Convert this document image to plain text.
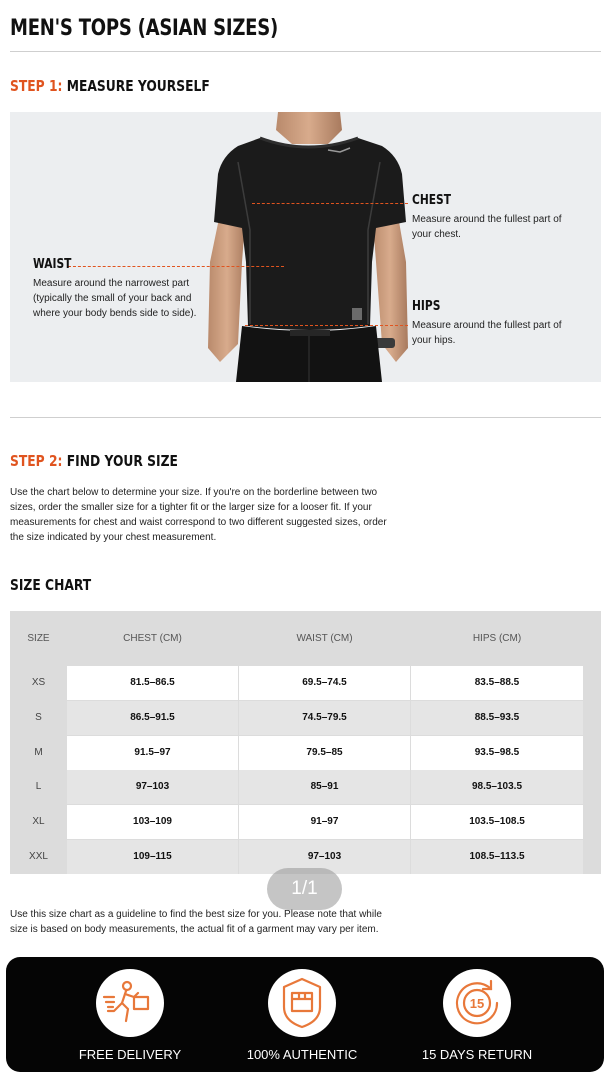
MEN'S TOPS (ASIAN SIZES)
STEP 1: MEASURE YOURSELF
CHEST
Measure around the fullest part of
your chest.
WAIST
Measure around the narrowest part
(typically the small of your back and
where your body bends side to side).	HIPS
Measure around the fullest part of
your hips.
STEP 2: FIND YOUR SIZE
Use the chart below to determine your size. If you're on the borderline between two
sizes, order the smaller size for a tighter fit or the larger size for a looser fit. If your
measurements for chest and waist correspond to two different suggested sizes, order
the size indicated by your chest measurement.
SIZE CHART
SIZE	CHEST (CM)	WAIST (CM)	HIPS (CM)
XS	81.5–86.5	69.5–74.5	83.5–88.5
S	86.5–91.5	74.5–79.5	88.5–93.5
M	91.5–97	79.5–85	93.5–98.5
L	97–103	85–91	98.5–103.5
XL	103–109	91–97	103.5–108.5
XXL	109–115	97–103	108.5–113.5
1/1
Use this size chart as a guideline to find the best size for you. Please note that while
size is based on body measurements, the actual fit of a garment may vary per item.
FREE DELIVERY	100% AUTHENTIC
15
15 DAYS RETURN
